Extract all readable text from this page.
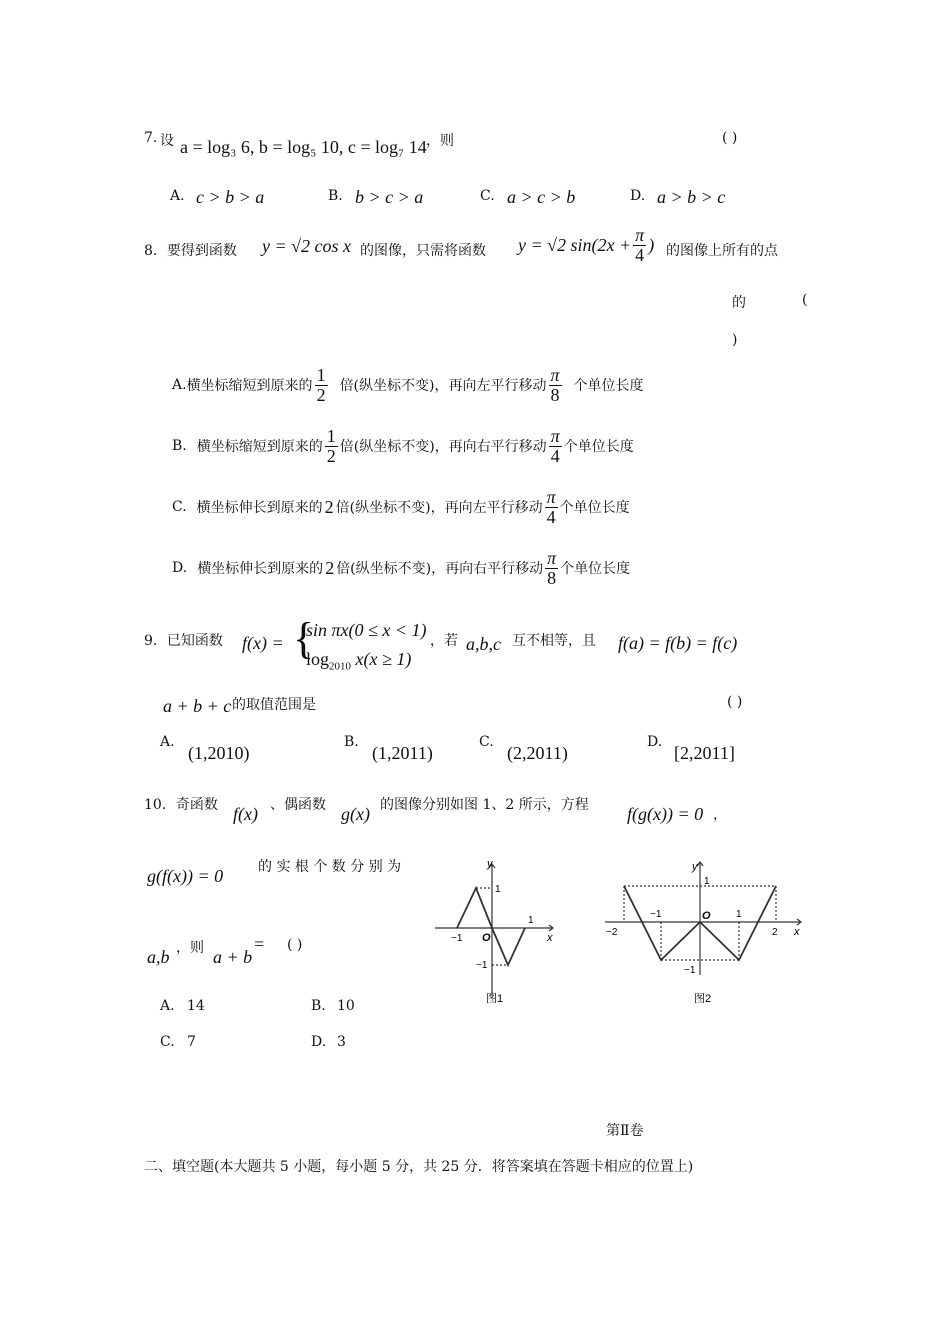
7. 设 a = log₃ 6, b = log₅ 10, c = log₇ 14 ，则	( )
A. c > b > a	B. b > c > a	C. a > c > b	D. a > b > c
8．要得到函数 y = √2 cos x 的图像，只需将函数 y = √2 $\sin(2x + \frac{\pi}{4}$ ) 的图像上所有的点
的	(
)
A. 横坐标缩短到原来的 $\frac{1}{2}$ 倍(纵坐标不变)，再向左平行移动 $\frac{\pi}{8}$ 个单位长度
B. 横坐标缩短到原来的 $\frac{1}{2}$ 倍(纵坐标不变)，再向右平行移动 $\frac{\pi}{4}$ 个单位长度
C. 横坐标伸长到原来的 2 倍(纵坐标不变)，再向左平行移动 $\frac{\pi}{4}$ 个单位长度
D. 横坐标伸长到原来的 2 倍(纵坐标不变)，再向右平行移动 $\frac{\pi}{8}$ 个单位长度
9．已知函数 f(x) = {
sin πx(0 ≤ x < 1)
$\log_{2010} x(x \ge 1)$
，若 a,b,c 互不相等，且 f(a) = f(b) = f(c)
a + b + c 的取值范围是	( )
A.
(1,2010)
B.
(1,2011)
C.
(2,2011)
D.
[2,2011]
10．奇函数 f(x) 、偶函数 g(x) 的图像分别如图 1、2 所示，方程 f(g(x)) = 0 ，
g(f(x)) = 0 的 实 根 个 数 分 别 为
a,b ，则 a + b
= ( )
A. 14	B. 10
C. 7	D. 3
y
x
O
−1
1
1
−1
图1
y
x
O
−2
−1	1
2
1
−1
图2
第Ⅱ卷
二、填空题(本大题共 5 小题，每小题 5 分，共 25 分．将答案填在答题卡相应的位置上)
